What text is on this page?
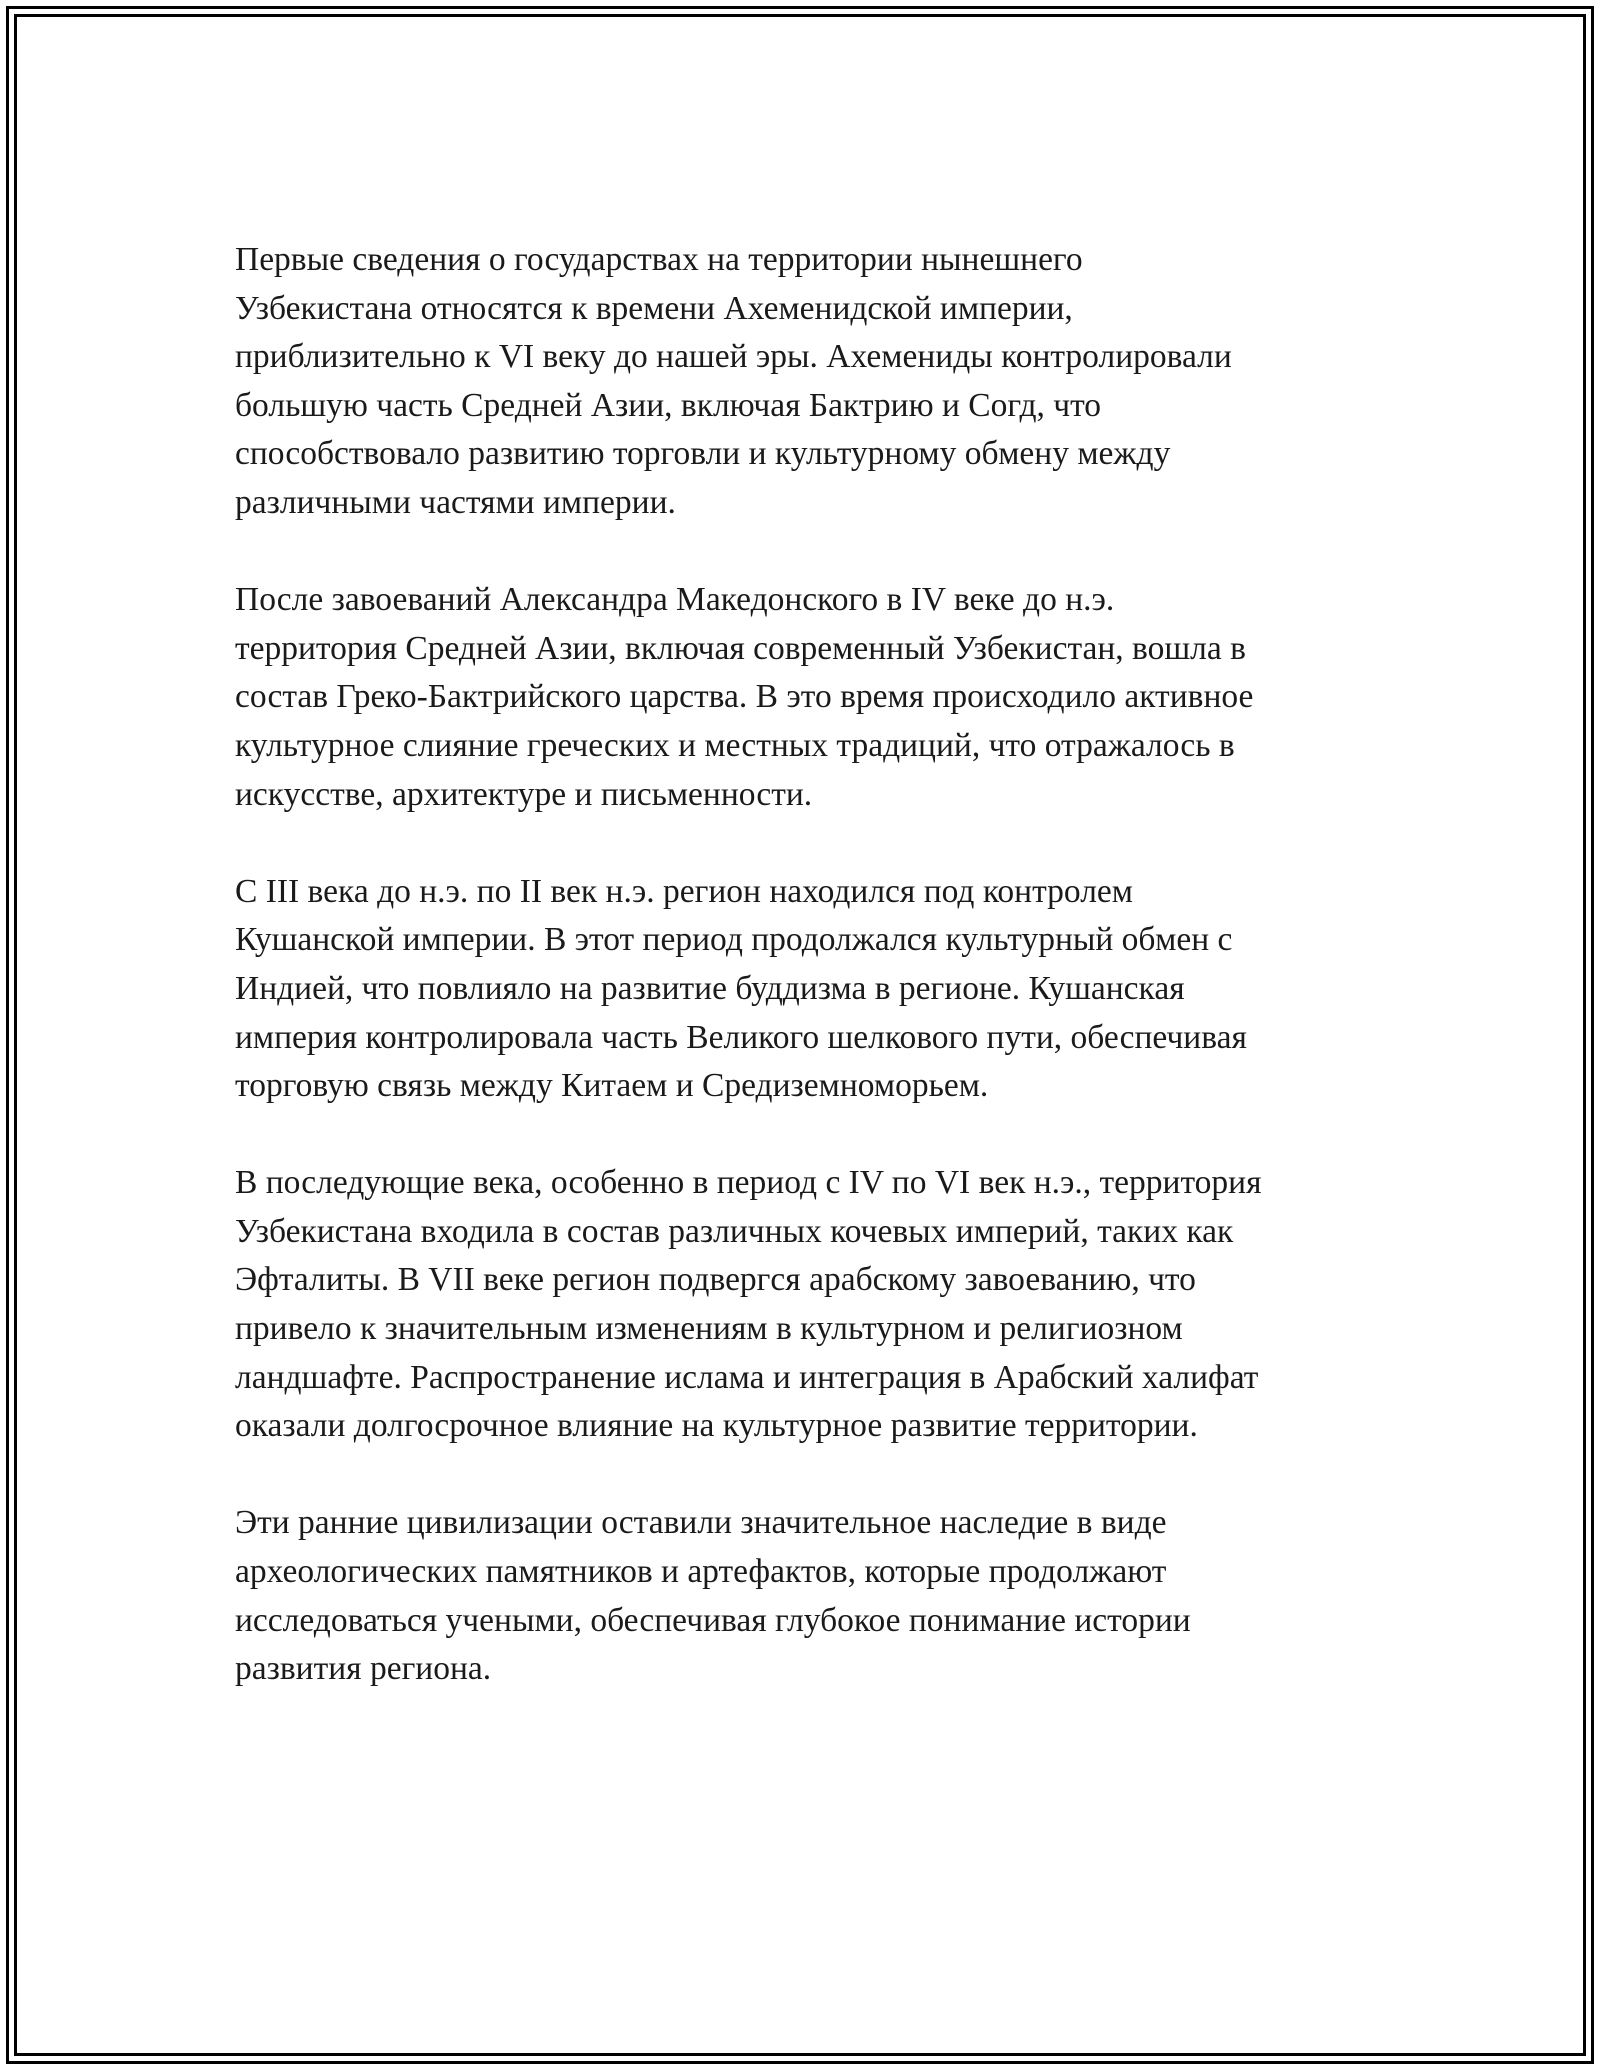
Первые сведения о государствах на территории нынешнего
Узбекистана относятся к времени Ахеменидской империи,
приблизительно к VI веку до нашей эры. Ахемениды контролировали
большую часть Средней Азии, включая Бактрию и Согд, что
способствовало развитию торговли и культурному обмену между
различными частями империи.

После завоеваний Александра Македонского в IV веке до н.э.
территория Средней Азии, включая современный Узбекистан, вошла в
состав Греко-Бактрийского царства. В это время происходило активное
культурное слияние греческих и местных традиций, что отражалось в
искусстве, архитектуре и письменности.

С III века до н.э. по II век н.э. регион находился под контролем
Кушанской империи. В этот период продолжался культурный обмен с
Индией, что повлияло на развитие буддизма в регионе. Кушанская
империя контролировала часть Великого шелкового пути, обеспечивая
торговую связь между Китаем и Средиземноморьем.

В последующие века, особенно в период с IV по VI век н.э., территория
Узбекистана входила в состав различных кочевых империй, таких как
Эфталиты. В VII веке регион подвергся арабскому завоеванию, что
привело к значительным изменениям в культурном и религиозном
ландшафте. Распространение ислама и интеграция в Арабский халифат
оказали долгосрочное влияние на культурное развитие территории.

Эти ранние цивилизации оставили значительное наследие в виде
археологических памятников и артефактов, которые продолжают
исследоваться учеными, обеспечивая глубокое понимание истории
развития региона.
